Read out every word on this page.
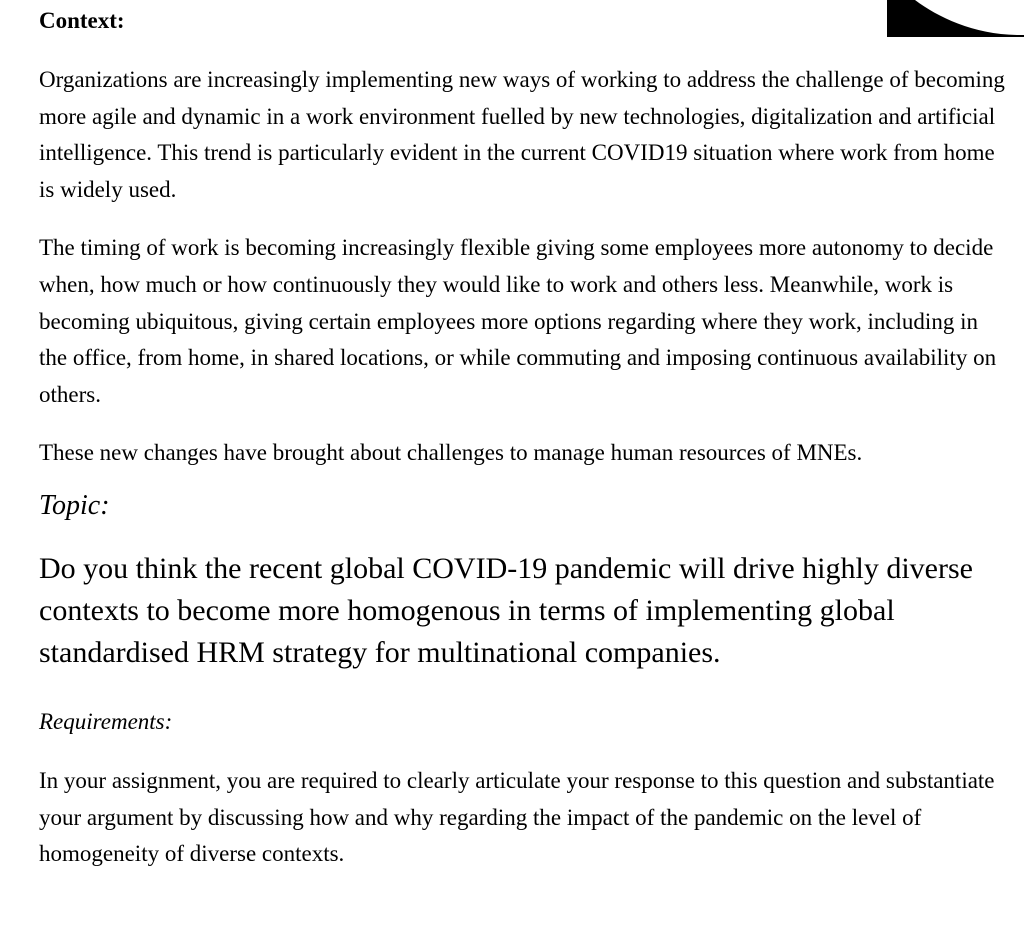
Context:

Organizations are increasingly implementing new ways of working to address the challenge of becoming more agile and dynamic in a work environment fuelled by new technologies, digitalization and artificial intelligence. This trend is particularly evident in the current COVID19 situation where work from home is widely used.

The timing of work is becoming increasingly flexible giving some employees more autonomy to decide when, how much or how continuously they would like to work and others less. Meanwhile, work is becoming ubiquitous, giving certain employees more options regarding where they work, including in the office, from home, in shared locations, or while commuting and imposing continuous availability on others.

These new changes have brought about challenges to manage human resources of MNEs.

Topic:

Do you think the recent global COVID-19 pandemic will drive highly diverse contexts to become more homogenous in terms of implementing global standardised HRM strategy for multinational companies.

Requirements:

In your assignment, you are required to clearly articulate your response to this question and substantiate your argument by discussing how and why regarding the impact of the pandemic on the level of homogeneity of diverse contexts.
